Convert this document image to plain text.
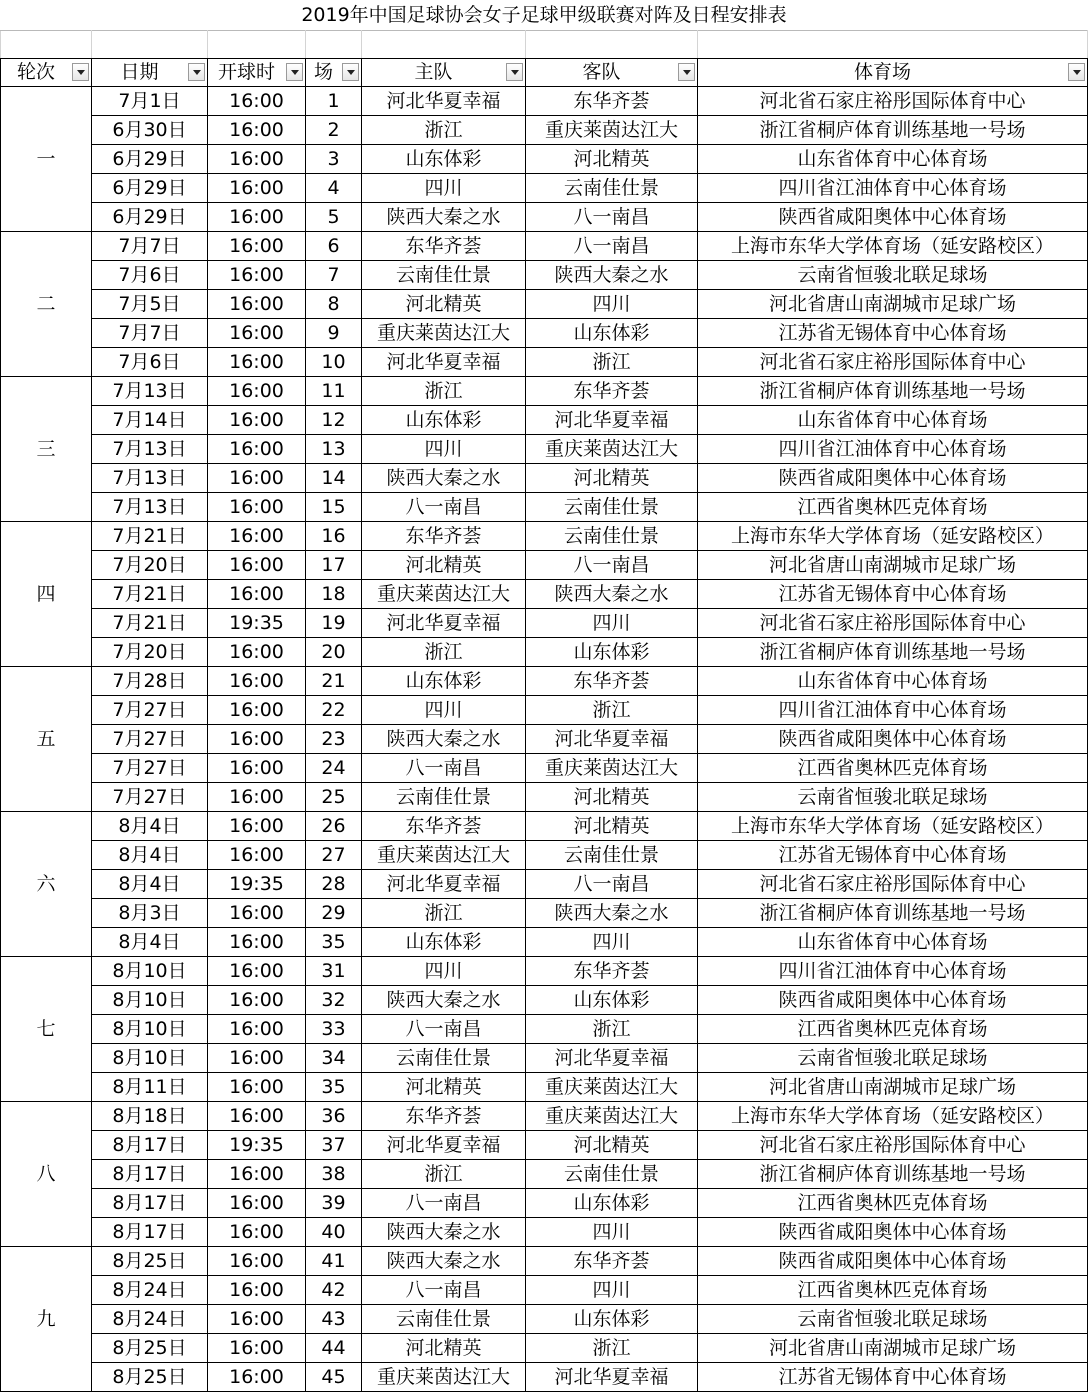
2019年中国足球协会女子足球甲级联赛对阵及日程安排表

轮次	日期	开球时	场	主队	客队	体育场

一	7月1日	16:00	1	河北华夏幸福	东华齐荟	河北省石家庄裕彤国际体育中心
	6月30日	16:00	2	浙江	重庆莱茵达江大	浙江省桐庐体育训练基地一号场
	6月29日	16:00	3	山东体彩	河北精英	山东省体育中心体育场
	6月29日	16:00	4	四川	云南佳仕景	四川省江油体育中心体育场
	6月29日	16:00	5	陕西大秦之水	八一南昌	陕西省咸阳奥体中心体育场
二	7月7日	16:00	6	东华齐荟	八一南昌	上海市东华大学体育场（延安路校区）
	7月6日	16:00	7	云南佳仕景	陕西大秦之水	云南省恒骏北联足球场
	7月5日	16:00	8	河北精英	四川	河北省唐山南湖城市足球广场
	7月7日	16:00	9	重庆莱茵达江大	山东体彩	江苏省无锡体育中心体育场
	7月6日	16:00	10	河北华夏幸福	浙江	河北省石家庄裕彤国际体育中心
三	7月13日	16:00	11	浙江	东华齐荟	浙江省桐庐体育训练基地一号场
	7月14日	16:00	12	山东体彩	河北华夏幸福	山东省体育中心体育场
	7月13日	16:00	13	四川	重庆莱茵达江大	四川省江油体育中心体育场
	7月13日	16:00	14	陕西大秦之水	河北精英	陕西省咸阳奥体中心体育场
	7月13日	16:00	15	八一南昌	云南佳仕景	江西省奥林匹克体育场
四	7月21日	16:00	16	东华齐荟	云南佳仕景	上海市东华大学体育场（延安路校区）
	7月20日	16:00	17	河北精英	八一南昌	河北省唐山南湖城市足球广场
	7月21日	16:00	18	重庆莱茵达江大	陕西大秦之水	江苏省无锡体育中心体育场
	7月21日	19:35	19	河北华夏幸福	四川	河北省石家庄裕彤国际体育中心
	7月20日	16:00	20	浙江	山东体彩	浙江省桐庐体育训练基地一号场
五	7月28日	16:00	21	山东体彩	东华齐荟	山东省体育中心体育场
	7月27日	16:00	22	四川	浙江	四川省江油体育中心体育场
	7月27日	16:00	23	陕西大秦之水	河北华夏幸福	陕西省咸阳奥体中心体育场
	7月27日	16:00	24	八一南昌	重庆莱茵达江大	江西省奥林匹克体育场
	7月27日	16:00	25	云南佳仕景	河北精英	云南省恒骏北联足球场
六	8月4日	16:00	26	东华齐荟	河北精英	上海市东华大学体育场（延安路校区）
	8月4日	16:00	27	重庆莱茵达江大	云南佳仕景	江苏省无锡体育中心体育场
	8月4日	19:35	28	河北华夏幸福	八一南昌	河北省石家庄裕彤国际体育中心
	8月3日	16:00	29	浙江	陕西大秦之水	浙江省桐庐体育训练基地一号场
	8月4日	16:00	35	山东体彩	四川	山东省体育中心体育场
七	8月10日	16:00	31	四川	东华齐荟	四川省江油体育中心体育场
	8月10日	16:00	32	陕西大秦之水	山东体彩	陕西省咸阳奥体中心体育场
	8月10日	16:00	33	八一南昌	浙江	江西省奥林匹克体育场
	8月10日	16:00	34	云南佳仕景	河北华夏幸福	云南省恒骏北联足球场
	8月11日	16:00	35	河北精英	重庆莱茵达江大	河北省唐山南湖城市足球广场
八	8月18日	16:00	36	东华齐荟	重庆莱茵达江大	上海市东华大学体育场（延安路校区）
	8月17日	19:35	37	河北华夏幸福	河北精英	河北省石家庄裕彤国际体育中心
	8月17日	16:00	38	浙江	云南佳仕景	浙江省桐庐体育训练基地一号场
	8月17日	16:00	39	八一南昌	山东体彩	江西省奥林匹克体育场
	8月17日	16:00	40	陕西大秦之水	四川	陕西省咸阳奥体中心体育场
九	8月25日	16:00	41	陕西大秦之水	东华齐荟	陕西省咸阳奥体中心体育场
	8月24日	16:00	42	八一南昌	四川	江西省奥林匹克体育场
	8月24日	16:00	43	云南佳仕景	山东体彩	云南省恒骏北联足球场
	8月25日	16:00	44	河北精英	浙江	河北省唐山南湖城市足球广场
	8月25日	16:00	45	重庆莱茵达江大	河北华夏幸福	江苏省无锡体育中心体育场
